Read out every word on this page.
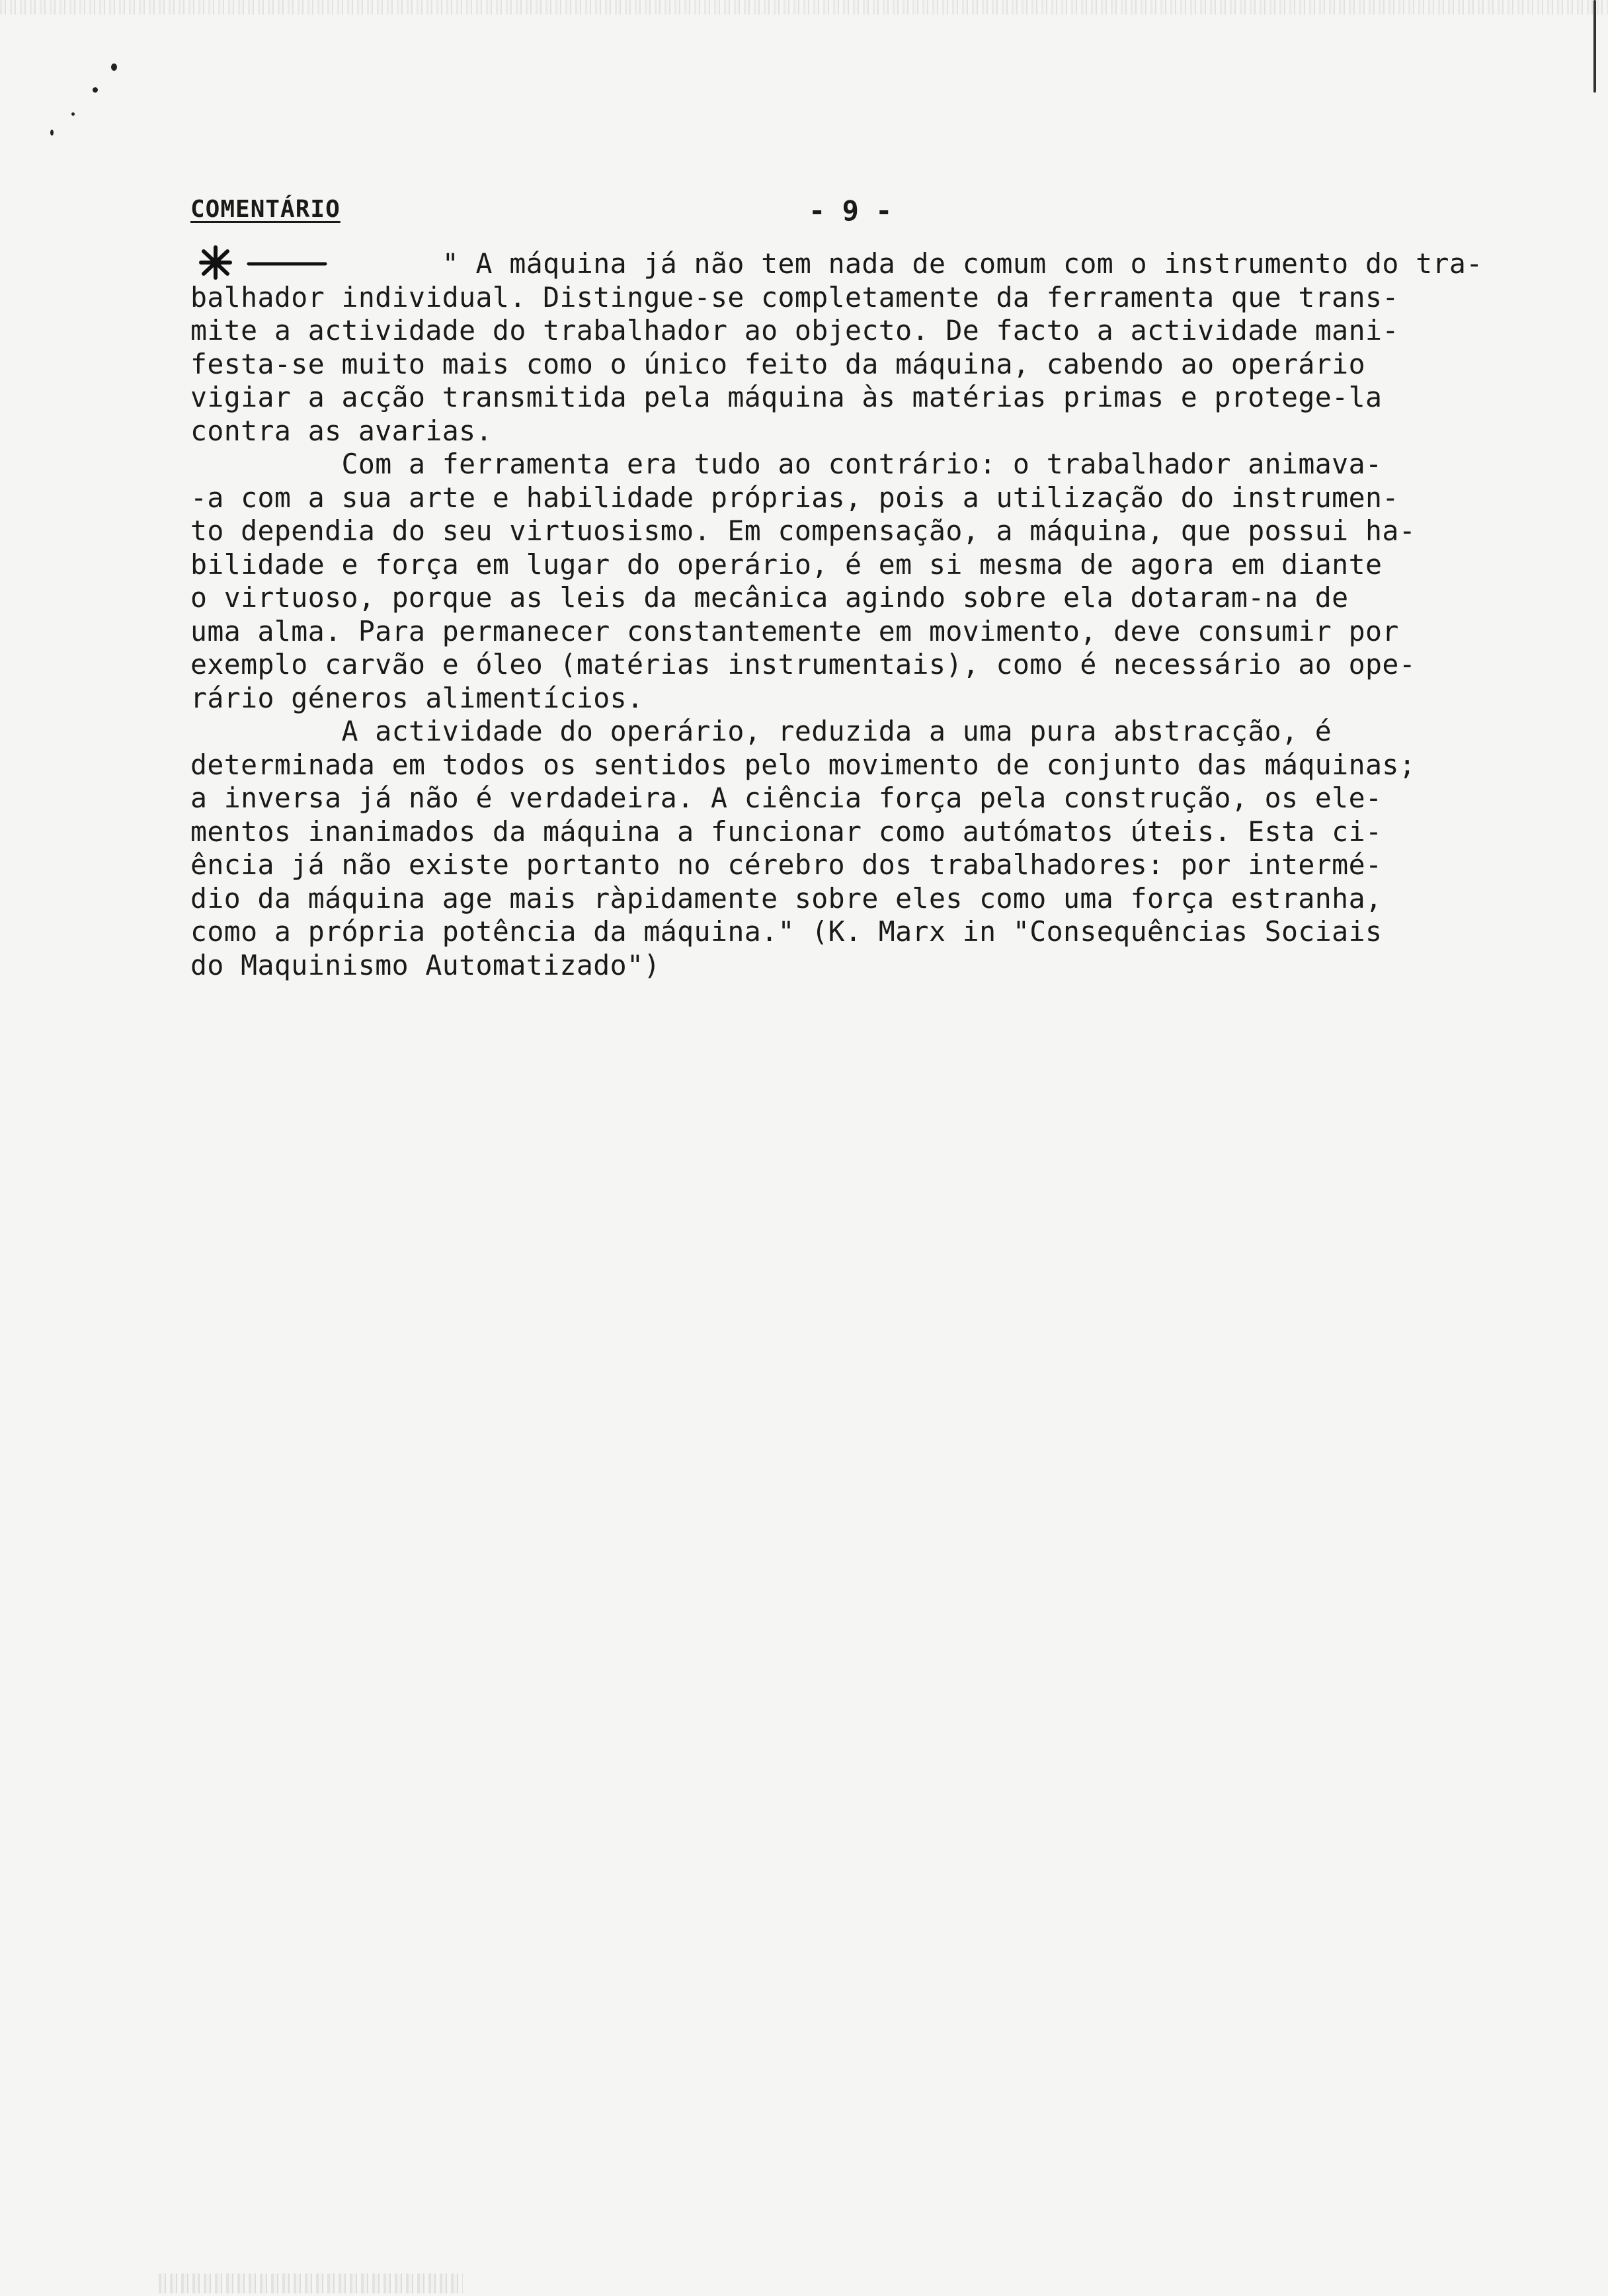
COMENTÁRIO	- 9 -
" A máquina já não tem nada de comum com o instrumento do tra-
balhador individual. Distingue-se completamente da ferramenta que trans-
mite a actividade do trabalhador ao objecto. De facto a actividade mani-
festa-se muito mais como o único feito da máquina, cabendo ao operário
vigiar a acção transmitida pela máquina às matérias primas e protege-la
contra as avarias.
Com a ferramenta era tudo ao contrário: o trabalhador animava-
-a com a sua arte e habilidade próprias, pois a utilização do instrumen-
to dependia do seu virtuosismo. Em compensação, a máquina, que possui ha-
bilidade e força em lugar do operário, é em si mesma de agora em diante
o virtuoso, porque as leis da mecânica agindo sobre ela dotaram-na de
uma alma. Para permanecer constantemente em movimento, deve consumir por
exemplo carvão e óleo (matérias instrumentais), como é necessário ao ope-
rário géneros alimentícios.
A actividade do operário, reduzida a uma pura abstracção, é
determinada em todos os sentidos pelo movimento de conjunto das máquinas;
a inversa já não é verdadeira. A ciência força pela construção, os ele-
mentos inanimados da máquina a funcionar como autómatos úteis. Esta ci-
ência já não existe portanto no cérebro dos trabalhadores: por intermé-
dio da máquina age mais ràpidamente sobre eles como uma força estranha,
como a própria potência da máquina." (K. Marx in "Consequências Sociais
do Maquinismo Automatizado")
